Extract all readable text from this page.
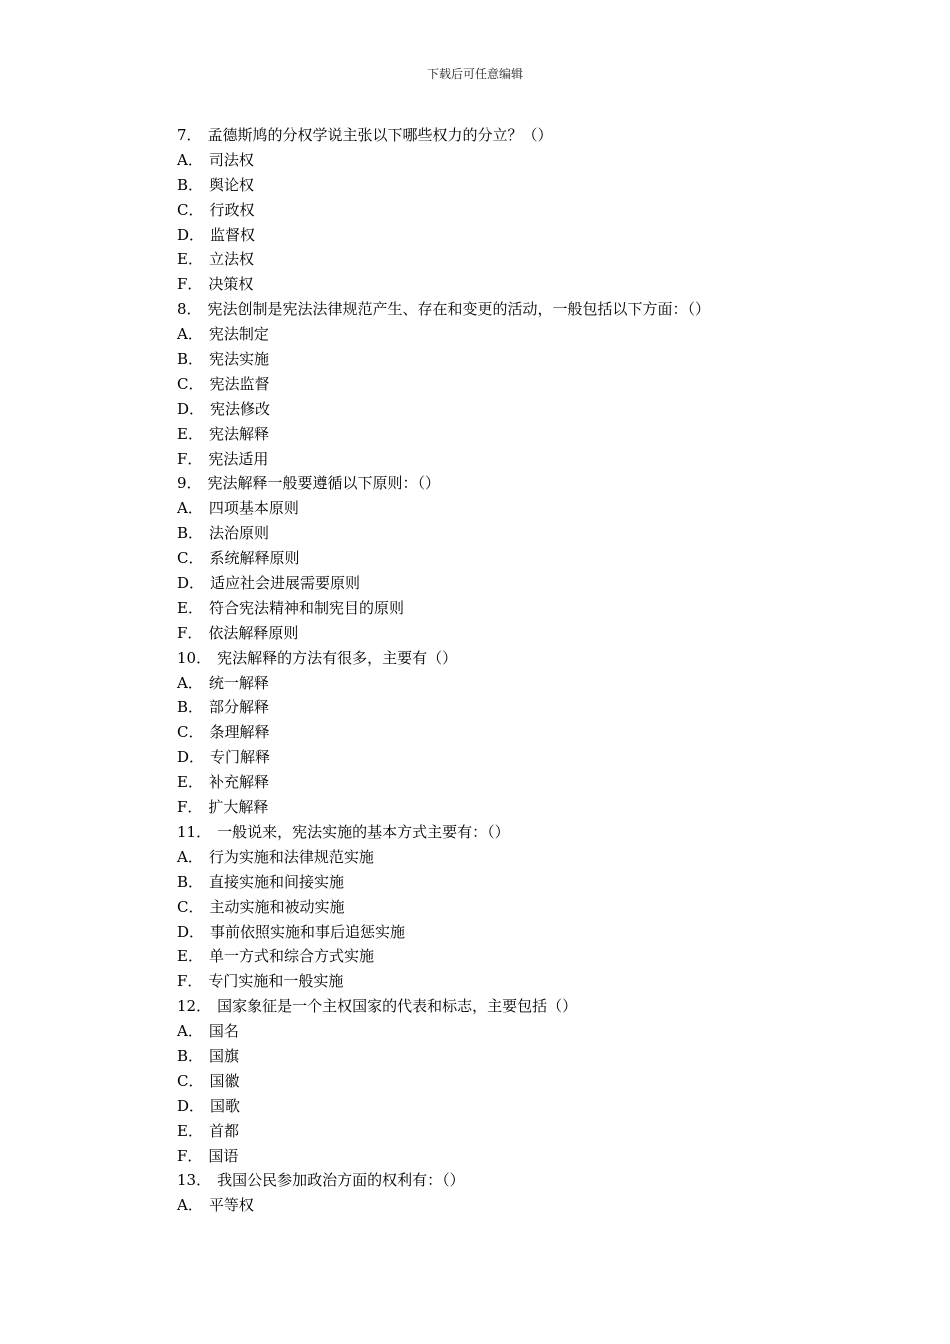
下载后可任意编辑
7． 孟德斯鸠的分权学说主张以下哪些权力的分立？（）
A． 司法权
B． 舆论权
C． 行政权
D． 监督权
E． 立法权
F． 决策权
8． 宪法创制是宪法法律规范产生、存在和变更的活动，一般包括以下方面：（）
A． 宪法制定
B． 宪法实施
C． 宪法监督
D． 宪法修改
E． 宪法解释
F． 宪法适用
9． 宪法解释一般要遵循以下原则：（）
A． 四项基本原则
B． 法治原则
C． 系统解释原则
D． 适应社会进展需要原则
E． 符合宪法精神和制宪目的原则
F． 依法解释原则
10． 宪法解释的方法有很多，主要有（）
A． 统一解释
B． 部分解释
C． 条理解释
D． 专门解释
E． 补充解释
F． 扩大解释
11． 一般说来，宪法实施的基本方式主要有：（）
A． 行为实施和法律规范实施
B． 直接实施和间接实施
C． 主动实施和被动实施
D． 事前依照实施和事后追惩实施
E． 单一方式和综合方式实施
F． 专门实施和一般实施
12． 国家象征是一个主权国家的代表和标志，主要包括（）
A． 国名
B． 国旗
C． 国徽
D． 国歌
E． 首都
F． 国语
13． 我国公民参加政治方面的权利有：（）
A． 平等权
